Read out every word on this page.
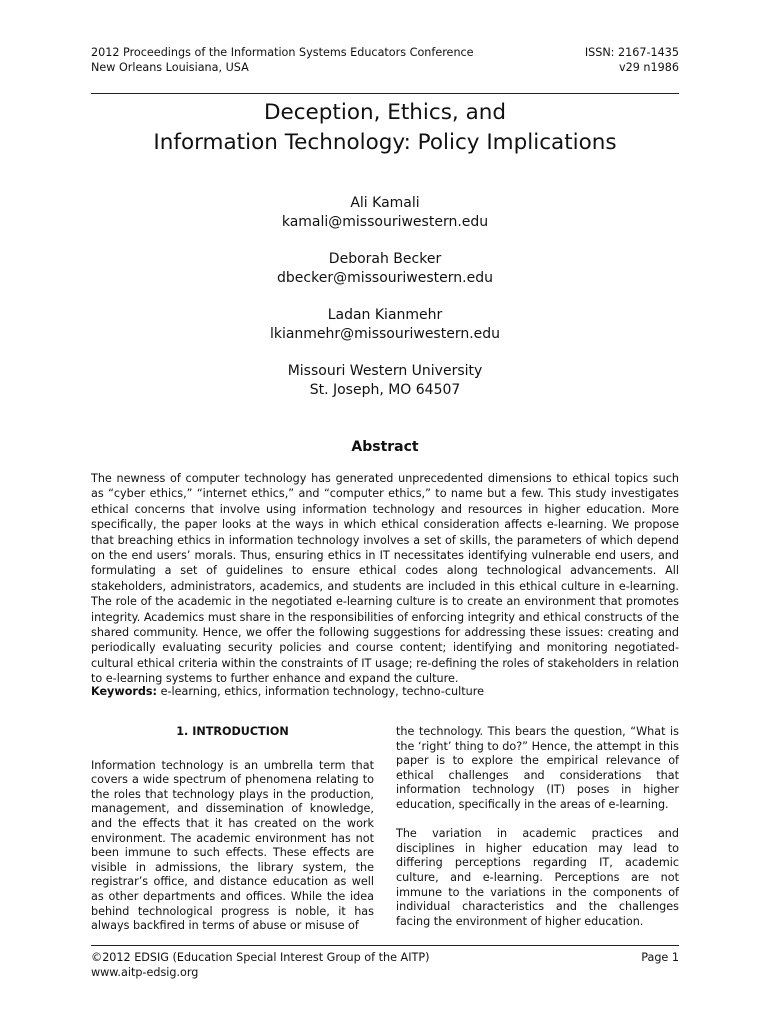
2012 Proceedings of the Information Systems Educators Conference
New Orleans Louisiana, USA
ISSN: 2167-1435
v29 n1986
Deception, Ethics, and
Information Technology: Policy Implications
Ali Kamali
kamali@missouriwestern.edu
Deborah Becker
dbecker@missouriwestern.edu
Ladan Kianmehr
lkianmehr@missouriwestern.edu
Missouri Western University
St. Joseph, MO 64507
Abstract

The newness of computer technology has generated unprecedented dimensions to ethical topics such as “cyber ethics,” “internet ethics,” and “computer ethics,” to name but a few. This study investigates ethical concerns that involve using information technology and resources in higher education. More specifically, the paper looks at the ways in which ethical consideration affects e-learning. We propose that breaching ethics in information technology involves a set of skills, the parameters of which depend on the end users’ morals. Thus, ensuring ethics in IT necessitates identifying vulnerable end users, and formulating a set of guidelines to ensure ethical codes along technological advancements. All stakeholders, administrators, academics, and students are included in this ethical culture in e-learning. The role of the academic in the negotiated e-learning culture is to create an environment that promotes integrity. Academics must share in the responsibilities of enforcing integrity and ethical constructs of the shared community. Hence, we offer the following suggestions for addressing these issues: creating and periodically evaluating security policies and course content; identifying and monitoring negotiated-cultural ethical criteria within the constraints of IT usage; re-defining the roles of stakeholders in relation to e-learning systems to further enhance and expand the culture.

Keywords: e-learning, ethics, information technology, techno-culture

1. INTRODUCTION

Information technology is an umbrella term that covers a wide spectrum of phenomena relating to the roles that technology plays in the production, management, and dissemination of knowledge, and the effects that it has created on the work environment. The academic environment has not been immune to such effects. These effects are visible in admissions, the library system, the registrar’s office, and distance education as well as other departments and offices. While the idea behind technological progress is noble, it has always backfired in terms of abuse or misuse of

the technology. This bears the question, “What is the ‘right’ thing to do?” Hence, the attempt in this paper is to explore the empirical relevance of ethical challenges and considerations that information technology (IT) poses in higher education, specifically in the areas of e-learning.

The variation in academic practices and disciplines in higher education may lead to differing perceptions regarding IT, academic culture, and e-learning. Perceptions are not immune to the variations in the components of individual characteristics and the challenges facing the environment of higher education.

©2012 EDSIG (Education Special Interest Group of the AITP)
www.aitp-edsig.org
Page 1
